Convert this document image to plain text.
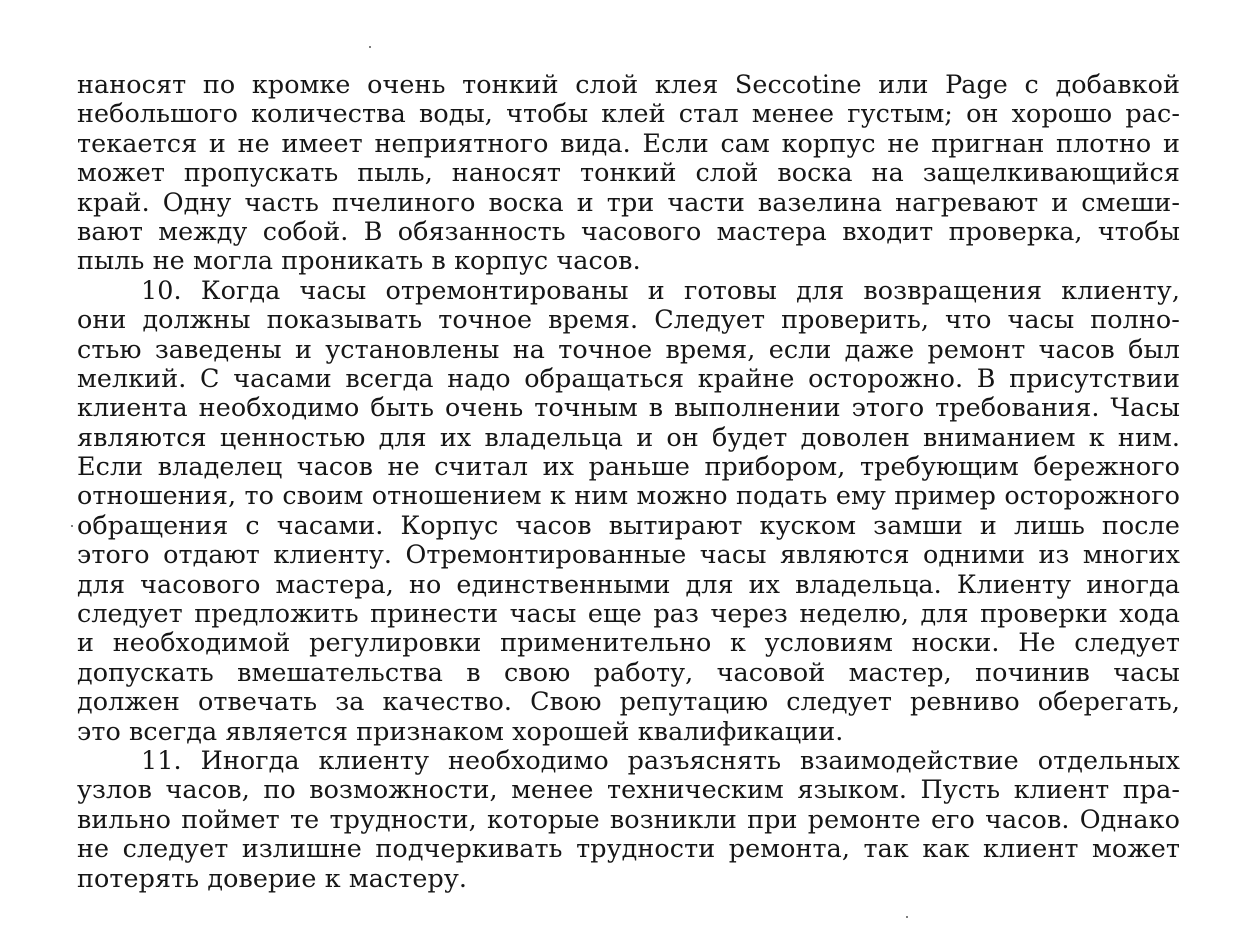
наносят по кромке очень тонкий слой клея Seccotine или Page с добавкой
небольшого количества воды, чтобы клей стал менее густым; он хорошо рас-
текается и не имеет неприятного вида. Если сам корпус не пригнан плотно и
может пропускать пыль, наносят тонкий слой воска на защелкивающийся
край. Одну часть пчелиного воска и три части вазелина нагревают и смеши-
вают между собой. В обязанность часового мастера входит проверка, чтобы
пыль не могла проникать в корпус часов.
10. Когда часы отремонтированы и готовы для возвращения клиенту,
они должны показывать точное время. Следует проверить, что часы полно-
стью заведены и установлены на точное время, если даже ремонт часов был
мелкий. С часами всегда надо обращаться крайне осторожно. В присутствии
клиента необходимо быть очень точным в выполнении этого требования. Часы
являются ценностью для их владельца и он будет доволен вниманием к ним.
Если владелец часов не считал их раньше прибором, требующим бережного
отношения, то своим отношением к ним можно подать ему пример осторожного
обращения с часами. Корпус часов вытирают куском замши и лишь после
этого отдают клиенту. Отремонтированные часы являются одними из многих
для часового мастера, но единственными для их владельца. Клиенту иногда
следует предложить принести часы еще раз через неделю, для проверки хода
и необходимой регулировки применительно к условиям носки. Не следует
допускать вмешательства в свою работу, часовой мастер, починив часы
должен отвечать за качество. Свою репутацию следует ревниво оберегать,
это всегда является признаком хорошей квалификации.
11. Иногда клиенту необходимо разъяснять взаимодействие отдельных
узлов часов, по возможности, менее техническим языком. Пусть клиент пра-
вильно поймет те трудности, которые возникли при ремонте его часов. Однако
не следует излишне подчеркивать трудности ремонта, так как клиент может
потерять доверие к мастеру.
